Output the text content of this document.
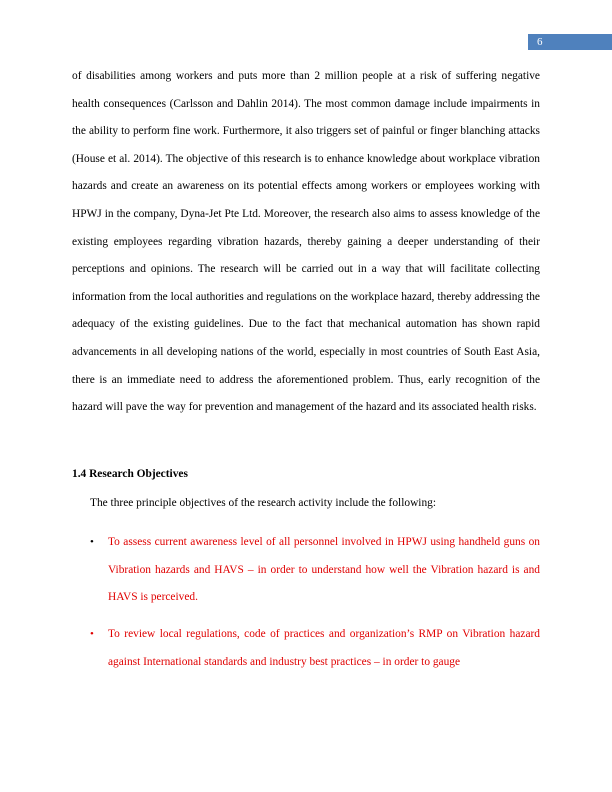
6

of disabilities among workers and puts more than 2 million people at a risk of suffering negative health consequences (Carlsson and Dahlin 2014). The most common damage include impairments in the ability to perform fine work. Furthermore, it also triggers set of painful or finger blanching attacks (House et al. 2014). The objective of this research is to enhance knowledge about workplace vibration hazards and create an awareness on its potential effects among workers or employees working with HPWJ in the company, Dyna-Jet Pte Ltd. Moreover, the research also aims to assess knowledge of the existing employees regarding vibration hazards, thereby gaining a deeper understanding of their perceptions and opinions. The research will be carried out in a way that will facilitate collecting information from the local authorities and regulations on the workplace hazard, thereby addressing the adequacy of the existing guidelines. Due to the fact that mechanical automation has shown rapid advancements in all developing nations of the world, especially in most countries of South East Asia, there is an immediate need to address the aforementioned problem. Thus, early recognition of the hazard will pave the way for prevention and management of the hazard and its associated health risks.

1.4 Research Objectives

The three principle objectives of the research activity include the following:

•	To assess current awareness level of all personnel involved in HPWJ using handheld guns on Vibration hazards and HAVS – in order to understand how well the Vibration hazard is and HAVS is perceived.
•	To review local regulations, code of practices and organization’s RMP on Vibration hazard against International standards and industry best practices – in order to gauge
